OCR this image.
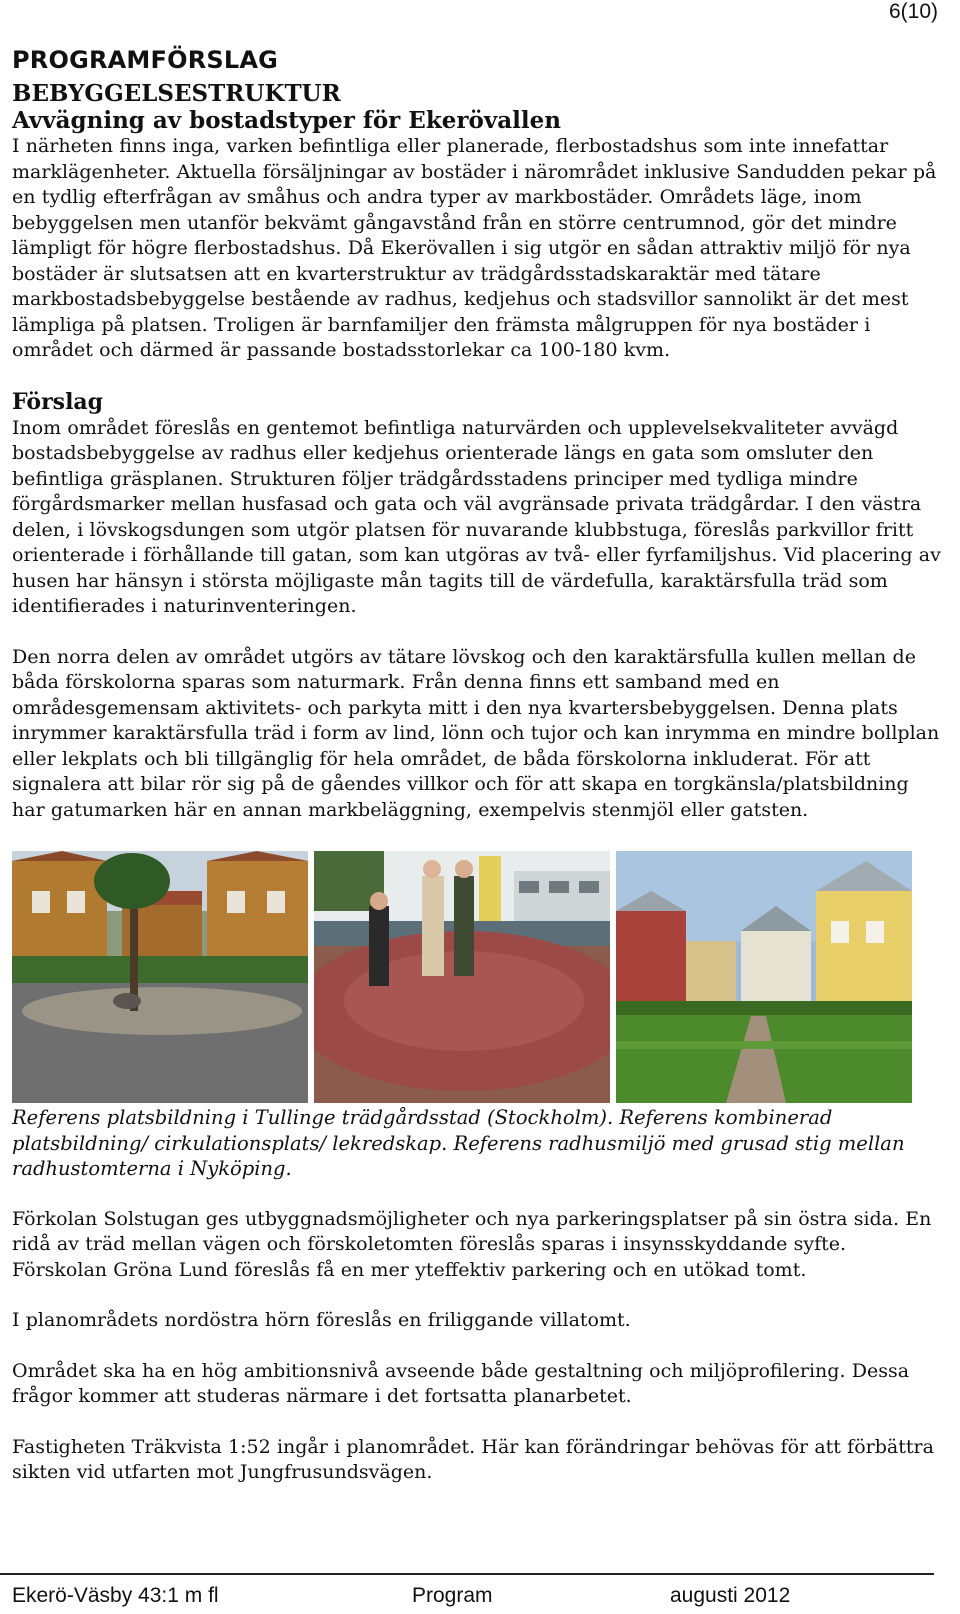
6(10)
PROGRAMFÖRSLAG
BEBYGGELSESTRUKTUR
Avvägning av bostadstyper för Ekerövallen

I närheten finns inga, varken befintliga eller planerade, flerbostadshus som inte innefattar marklägenheter. Aktuella försäljningar av bostäder i närområdet inklusive Sandudden pekar på en tydlig efterfrågan av småhus och andra typer av markbostäder. Områdets läge, inom bebyggelsen men utanför bekvämt gångavstånd från en större centrumnod, gör det mindre lämpligt för högre flerbostadshus. Då Ekerövallen i sig utgör en sådan attraktiv miljö för nya bostäder är slutsatsen att en kvarterstruktur av trädgårdsstadskaraktär med tätare markbostadsbebyggelse bestående av radhus, kedjehus och stadsvillor sannolikt är det mest lämpliga på platsen. Troligen är barnfamiljer den främsta målgruppen för nya bostäder i området och därmed är passande bostadsstorlekar ca 100-180 kvm.

Förslag

Inom området föreslås en gentemot befintliga naturvärden och upplevelsekvaliteter avvägd bostadsbebyggelse av radhus eller kedjehus orienterade längs en gata som omsluter den befintliga gräsplanen. Strukturen följer trädgårdsstadens principer med tydliga mindre förgårdsmarker mellan husfasad och gata och väl avgränsade privata trädgårdar. I den västra delen, i lövskogsdungen som utgör platsen för nuvarande klubbstuga, föreslås parkvillor fritt orienterade i förhållande till gatan, som kan utgöras av två- eller fyrfamiljshus. Vid placering av husen har hänsyn i största möjligaste mån tagits till de värdefulla, karaktärsfulla träd som identifierades i naturinventeringen.

Den norra delen av området utgörs av tätare lövskog och den karaktärsfulla kullen mellan de båda förskolorna sparas som naturmark. Från denna finns ett samband med en områdesgemensam aktivitets- och parkyta mitt i den nya kvartersbebyggelsen. Denna plats inrymmer karaktärsfulla träd i form av lind, lönn och tujor och kan inrymma en mindre bollplan eller lekplats och bli tillgänglig för hela området, de båda förskolorna inkluderat. För att signalera att bilar rör sig på de gåendes villkor och för att skapa en torgkänsla/platsbildning har gatumarken här en annan markbeläggning, exempelvis stenmjöl eller gatsten.

Referens platsbildning i Tullinge trädgårdsstad (Stockholm). Referens kombinerad platsbildning/ cirkulationsplats/ lekredskap. Referens radhusmiljö med grusad stig mellan radhustomterna i Nyköping.

Förkolan Solstugan ges utbyggnadsmöjligheter och nya parkeringsplatser på sin östra sida. En ridå av träd mellan vägen och förskoletomten föreslås sparas i insynsskyddande syfte. Förskolan Gröna Lund föreslås få en mer yteffektiv parkering och en utökad tomt.

I planområdets nordöstra hörn föreslås en friliggande villatomt.

Området ska ha en hög ambitionsnivå avseende både gestaltning och miljöprofilering. Dessa frågor kommer att studeras närmare i det fortsatta planarbetet.

Fastigheten Träkvista 1:52 ingår i planområdet. Här kan förändringar behövas för att förbättra sikten vid utfarten mot Jungfrusundsvägen.

Ekerö-Väsby 43:1 m fl	Program	augusti 2012
